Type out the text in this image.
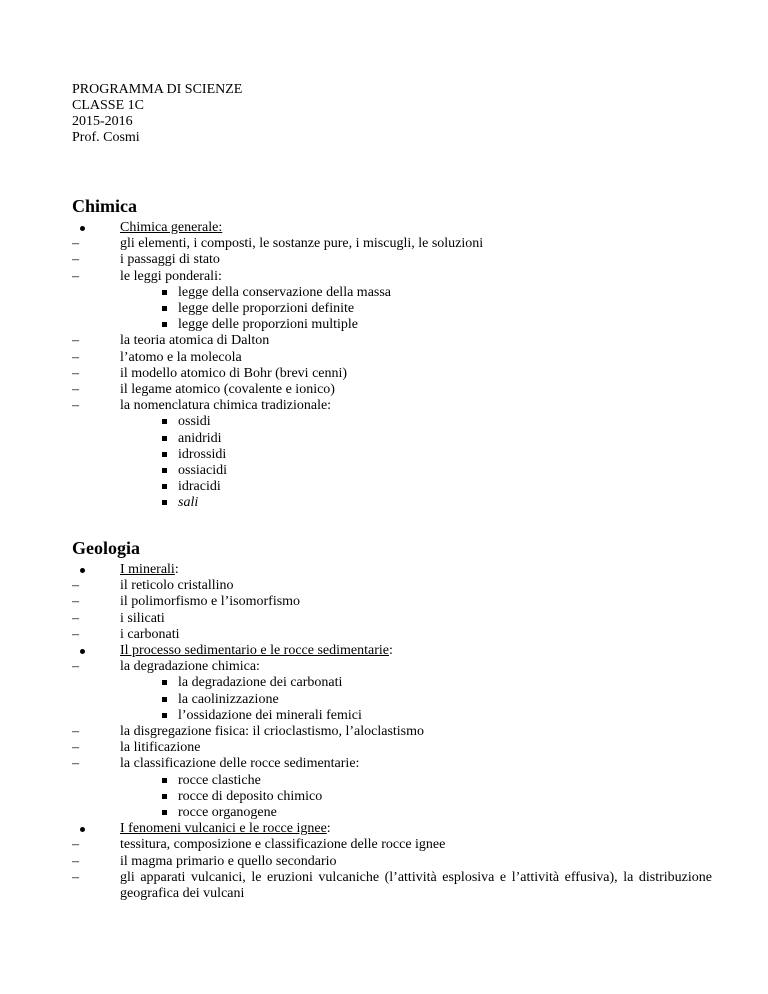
PROGRAMMA DI SCIENZE
CLASSE 1C
2015-2016
Prof. Cosmi
Chimica
Chimica generale:
gli elementi, i composti, le sostanze pure, i miscugli, le soluzioni
i passaggi di stato
le leggi ponderali:
legge della conservazione della massa
legge delle proporzioni definite
legge delle proporzioni multiple
la teoria atomica di Dalton
l’atomo e la molecola
il modello atomico di Bohr (brevi cenni)
il legame atomico (covalente e ionico)
la nomenclatura chimica tradizionale:
ossidi
anidridi
idrossidi
ossiacidi
idracidi
sali
Geologia
I minerali:
il reticolo cristallino
il polimorfismo e l’isomorfismo
i silicati
i carbonati
Il processo sedimentario e le rocce sedimentarie:
la degradazione chimica:
la degradazione dei carbonati
la caolinizzazione
l’ossidazione dei minerali femici
la disgregazione fisica: il crioclastismo, l’aloclastismo
la litificazione
la classificazione delle rocce sedimentarie:
rocce clastiche
rocce di deposito chimico
rocce organogene
I fenomeni vulcanici e le rocce ignee:
tessitura, composizione e classificazione delle rocce ignee
il magma primario e quello secondario
gli apparati vulcanici, le eruzioni vulcaniche (l’attività esplosiva e l’attività effusiva), la distribuzione geografica dei vulcani
